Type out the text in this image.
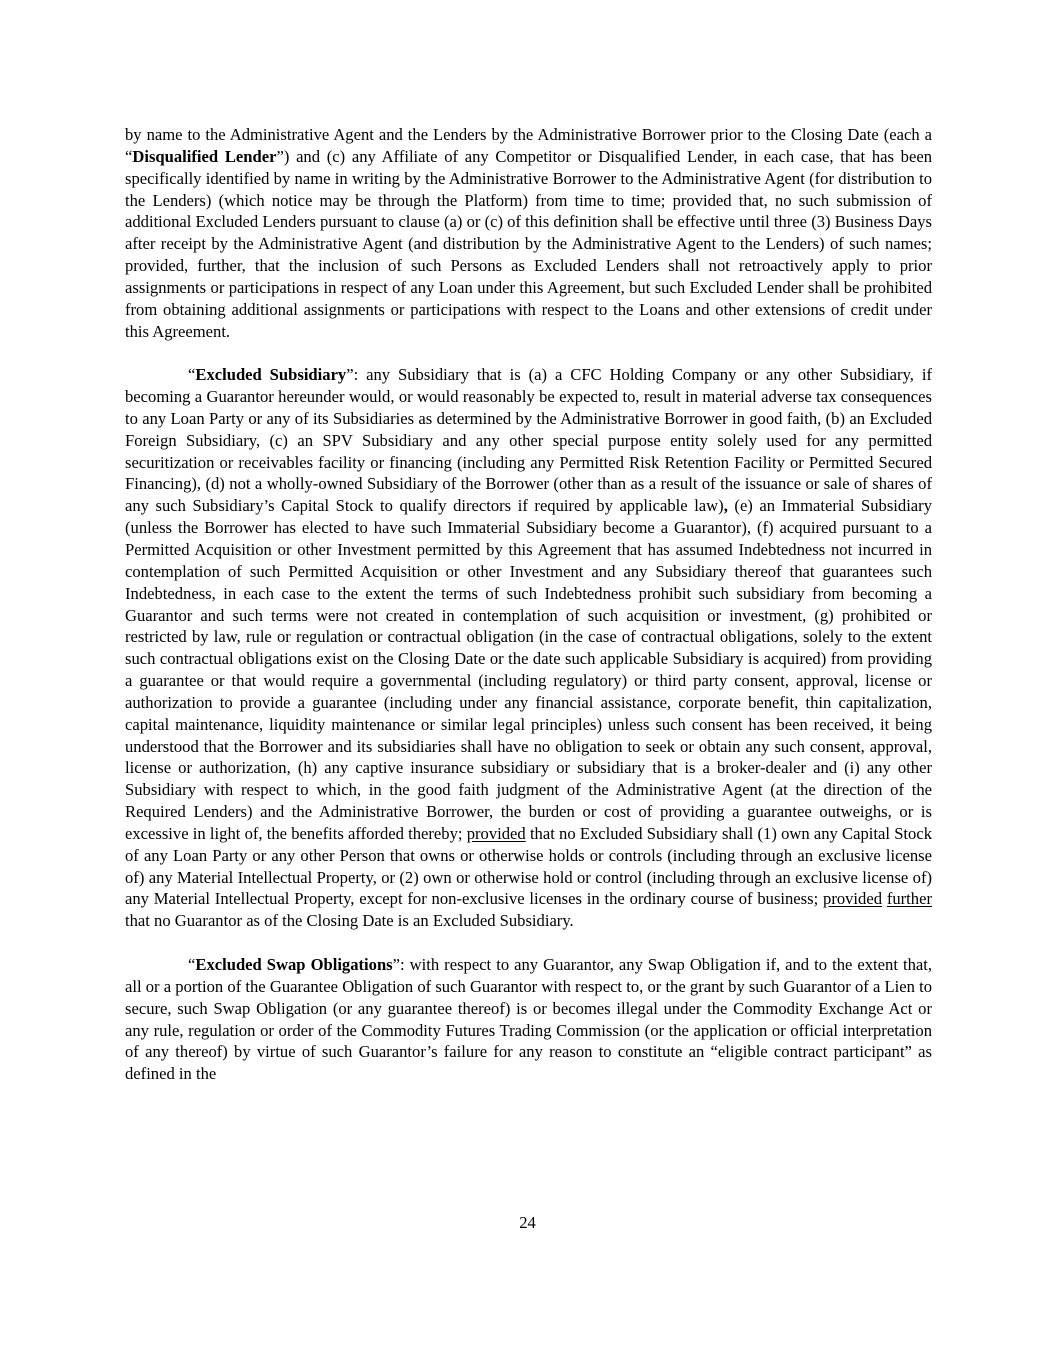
by name to the Administrative Agent and the Lenders by the Administrative Borrower prior to the Closing Date (each a “Disqualified Lender”) and (c) any Affiliate of any Competitor or Disqualified Lender, in each case, that has been specifically identified by name in writing by the Administrative Borrower to the Administrative Agent (for distribution to the Lenders) (which notice may be through the Platform) from time to time; provided that, no such submission of additional Excluded Lenders pursuant to clause (a) or (c) of this definition shall be effective until three (3) Business Days after receipt by the Administrative Agent (and distribution by the Administrative Agent to the Lenders) of such names; provided, further, that the inclusion of such Persons as Excluded Lenders shall not retroactively apply to prior assignments or participations in respect of any Loan under this Agreement, but such Excluded Lender shall be prohibited from obtaining additional assignments or participations with respect to the Loans and other extensions of credit under this Agreement.

“Excluded Subsidiary”: any Subsidiary that is (a) a CFC Holding Company or any other Subsidiary, if becoming a Guarantor hereunder would, or would reasonably be expected to, result in material adverse tax consequences to any Loan Party or any of its Subsidiaries as determined by the Administrative Borrower in good faith, (b) an Excluded Foreign Subsidiary, (c) an SPV Subsidiary and any other special purpose entity solely used for any permitted securitization or receivables facility or financing (including any Permitted Risk Retention Facility or Permitted Secured Financing), (d) not a wholly-owned Subsidiary of the Borrower (other than as a result of the issuance or sale of shares of any such Subsidiary’s Capital Stock to qualify directors if required by applicable law), (e) an Immaterial Subsidiary (unless the Borrower has elected to have such Immaterial Subsidiary become a Guarantor), (f) acquired pursuant to a Permitted Acquisition or other Investment permitted by this Agreement that has assumed Indebtedness not incurred in contemplation of such Permitted Acquisition or other Investment and any Subsidiary thereof that guarantees such Indebtedness, in each case to the extent the terms of such Indebtedness prohibit such subsidiary from becoming a Guarantor and such terms were not created in contemplation of such acquisition or investment, (g) prohibited or restricted by law, rule or regulation or contractual obligation (in the case of contractual obligations, solely to the extent such contractual obligations exist on the Closing Date or the date such applicable Subsidiary is acquired) from providing a guarantee or that would require a governmental (including regulatory) or third party consent, approval, license or authorization to provide a guarantee (including under any financial assistance, corporate benefit, thin capitalization, capital maintenance, liquidity maintenance or similar legal principles) unless such consent has been received, it being understood that the Borrower and its subsidiaries shall have no obligation to seek or obtain any such consent, approval, license or authorization, (h) any captive insurance subsidiary or subsidiary that is a broker-dealer and (i) any other Subsidiary with respect to which, in the good faith judgment of the Administrative Agent (at the direction of the Required Lenders) and the Administrative Borrower, the burden or cost of providing a guarantee outweighs, or is excessive in light of, the benefits afforded thereby; provided that no Excluded Subsidiary shall (1) own any Capital Stock of any Loan Party or any other Person that owns or otherwise holds or controls (including through an exclusive license of) any Material Intellectual Property, or (2) own or otherwise hold or control (including through an exclusive license of) any Material Intellectual Property, except for non-exclusive licenses in the ordinary course of business; provided further that no Guarantor as of the Closing Date is an Excluded Subsidiary.

“Excluded Swap Obligations”: with respect to any Guarantor, any Swap Obligation if, and to the extent that, all or a portion of the Guarantee Obligation of such Guarantor with respect to, or the grant by such Guarantor of a Lien to secure, such Swap Obligation (or any guarantee thereof) is or becomes illegal under the Commodity Exchange Act or any rule, regulation or order of the Commodity Futures Trading Commission (or the application or official interpretation of any thereof) by virtue of such Guarantor’s failure for any reason to constitute an “eligible contract participant” as defined in the

24
